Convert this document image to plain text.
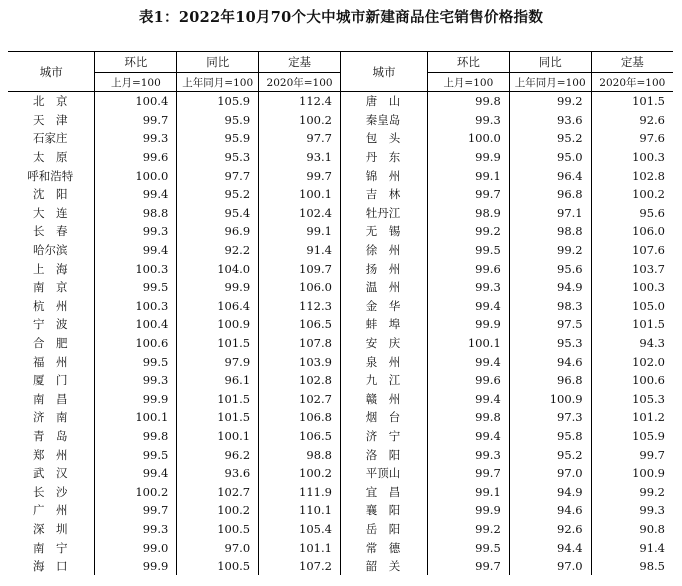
表1：2022年10月70个大中城市新建商品住宅销售价格指数
城市	环比	同比	定基	城市	环比	同比	定基
	上月=100	上年同月=100	2020年=100		上月=100	上年同月=100	2020年=100
北　京	100.4	105.9	112.4	唐　山	99.8	99.2	101.5
天　津	99.7	95.9	100.2	秦皇岛	99.3	93.6	92.6
石家庄	99.3	95.9	97.7	包　头	100.0	95.2	97.6
太　原	99.6	95.3	93.1	丹　东	99.9	95.0	100.3
呼和浩特	100.0	97.7	99.7	锦　州	99.1	96.4	102.8
沈　阳	99.4	95.2	100.1	吉　林	99.7	96.8	100.2
大　连	98.8	95.4	102.4	牡丹江	98.9	97.1	95.6
长　春	99.3	96.9	99.1	无　锡	99.2	98.8	106.0
哈尔滨	99.4	92.2	91.4	徐　州	99.5	99.2	107.6
上　海	100.3	104.0	109.7	扬　州	99.6	95.6	103.7
南　京	99.5	99.9	106.0	温　州	99.3	94.9	100.3
杭　州	100.3	106.4	112.3	金　华	99.4	98.3	105.0
宁　波	100.4	100.9	106.5	蚌　埠	99.9	97.5	101.5
合　肥	100.6	101.5	107.8	安　庆	100.1	95.3	94.3
福　州	99.5	97.9	103.9	泉　州	99.4	94.6	102.0
厦　门	99.3	96.1	102.8	九　江	99.6	96.8	100.6
南　昌	99.9	101.5	102.7	赣　州	99.4	100.9	105.3
济　南	100.1	101.5	106.8	烟　台	99.8	97.3	101.2
青　岛	99.8	100.1	106.5	济　宁	99.4	95.8	105.9
郑　州	99.5	96.2	98.8	洛　阳	99.3	95.2	99.7
武　汉	99.4	93.6	100.2	平顶山	99.7	97.0	100.9
长　沙	100.2	102.7	111.9	宜　昌	99.1	94.9	99.2
广　州	99.7	100.2	110.1	襄　阳	99.9	94.6	99.3
深　圳	99.3	100.5	105.4	岳　阳	99.2	92.6	90.8
南　宁	99.0	97.0	101.1	常　德	99.5	94.4	91.4
海　口	99.9	100.5	107.2	韶　关	99.7	97.0	98.5
